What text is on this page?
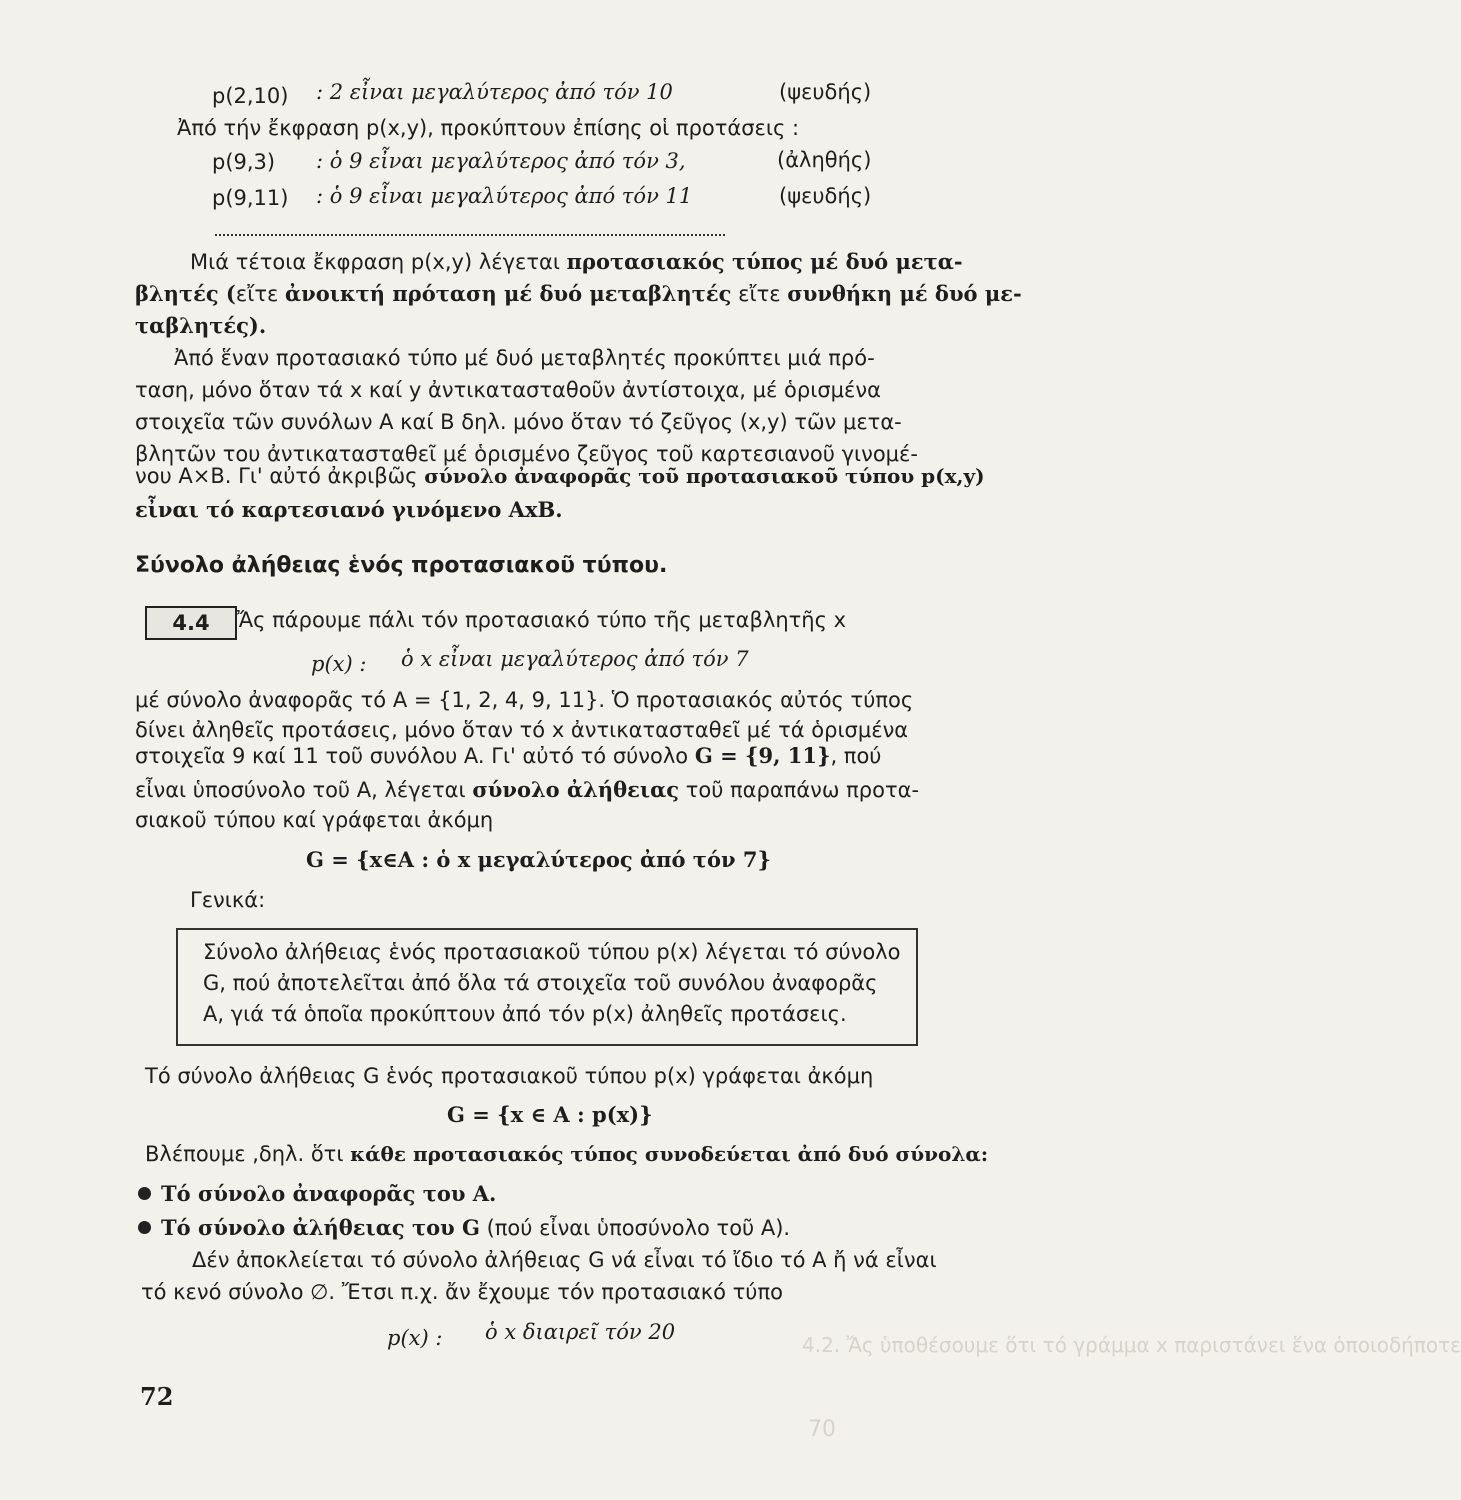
4.2. Ἄς ὑποθέσουμε ὅτι τό γράμμα x παριστάνει ἕνα ὁποιοδήποτε
70
p(2,10) : 2 εἶναι μεγαλύτερος ἀπό τόν 10	(ψευδής)
Ἀπό τήν ἔκφραση p(x,y), προκύπτουν ἐπίσης οἱ προτάσεις :
p(9,3) : ὁ 9 εἶναι μεγαλύτερος ἀπό τόν 3,	(ἀληθής)
p(9,11) : ὁ 9 εἶναι μεγαλύτερος ἀπό τόν 11	(ψευδής)
Μιά τέτοια ἔκφραση p(x,y) λέγεται προτασιακός τύπος μέ δυό μετα-
βλητές (εἴτε ἀνοικτή πρόταση μέ δυό μεταβλητές εἴτε συνθήκη μέ δυό με-
ταβλητές).
Ἀπό ἕναν προτασιακό τύπο μέ δυό μεταβλητές προκύπτει μιά πρό-
ταση, μόνο ὅταν τά x καί y ἀντικατασταθοῦν ἀντίστοιχα, μέ ὁρισμένα
στοιχεῖα τῶν συνόλων A καί B δηλ. μόνο ὅταν τό ζεῦγος (x,y) τῶν μετα-
βλητῶν του ἀντικατασταθεῖ μέ ὁρισμένο ζεῦγος τοῦ καρτεσιανοῦ γινομέ-
νου A×B. Γι' αὐτό ἀκριβῶς σύνολο ἀναφορᾶς τοῦ προτασιακοῦ τύπου p(x,y)
εἶναι τό καρτεσιανό γινόμενο AxB.
Σύνολο ἀλήθειας ἑνός προτασιακοῦ τύπου.
4.4	Ἄς πάρουμε πάλι τόν προτασιακό τύπο τῆς μεταβλητῆς x
p(x) : ὁ x εἶναι μεγαλύτερος ἀπό τόν 7
μέ σύνολο ἀναφορᾶς τό A = {1, 2, 4, 9, 11}. Ὁ προτασιακός αὐτός τύπος
δίνει ἀληθεῖς προτάσεις, μόνο ὅταν τό x ἀντικατασταθεῖ μέ τά ὁρισμένα
στοιχεῖα 9 καί 11 τοῦ συνόλου A. Γι' αὐτό τό σύνολο G = {9, 11}, πού
εἶναι ὑποσύνολο τοῦ A, λέγεται σύνολο ἀλήθειας τοῦ παραπάνω προτα-
σιακοῦ τύπου καί γράφεται ἀκόμη
G = {x∈A : ὁ x μεγαλύτερος ἀπό τόν 7}
Γενικά:
Σύνολο ἀλήθειας ἑνός προτασιακοῦ τύπου p(x) λέγεται τό σύνολο
G, πού ἀποτελεῖται ἀπό ὅλα τά στοιχεῖα τοῦ συνόλου ἀναφορᾶς
A, γιά τά ὁποῖα προκύπτουν ἀπό τόν p(x) ἀληθεῖς προτάσεις.
Τό σύνολο ἀλήθειας G ἑνός προτασιακοῦ τύπου p(x) γράφεται ἀκόμη
G = {x ∈ A : p(x)}
Βλέπουμε ,δηλ. ὅτι κάθε προτασιακός τύπος συνοδεύεται ἀπό δυό σύνολα:
Τό σύνολο ἀναφορᾶς του A.
Τό σύνολο ἀλήθειας του G (πού εἶναι ὑποσύνολο τοῦ A).
Δέν ἀποκλείεται τό σύνολο ἀλήθειας G νά εἶναι τό ἴδιο τό A ἤ νά εἶναι
τό κενό σύνολο ∅. Ἔτσι π.χ. ἄν ἔχουμε τόν προτασιακό τύπο
p(x) : ὁ x διαιρεῖ τόν 20
72
